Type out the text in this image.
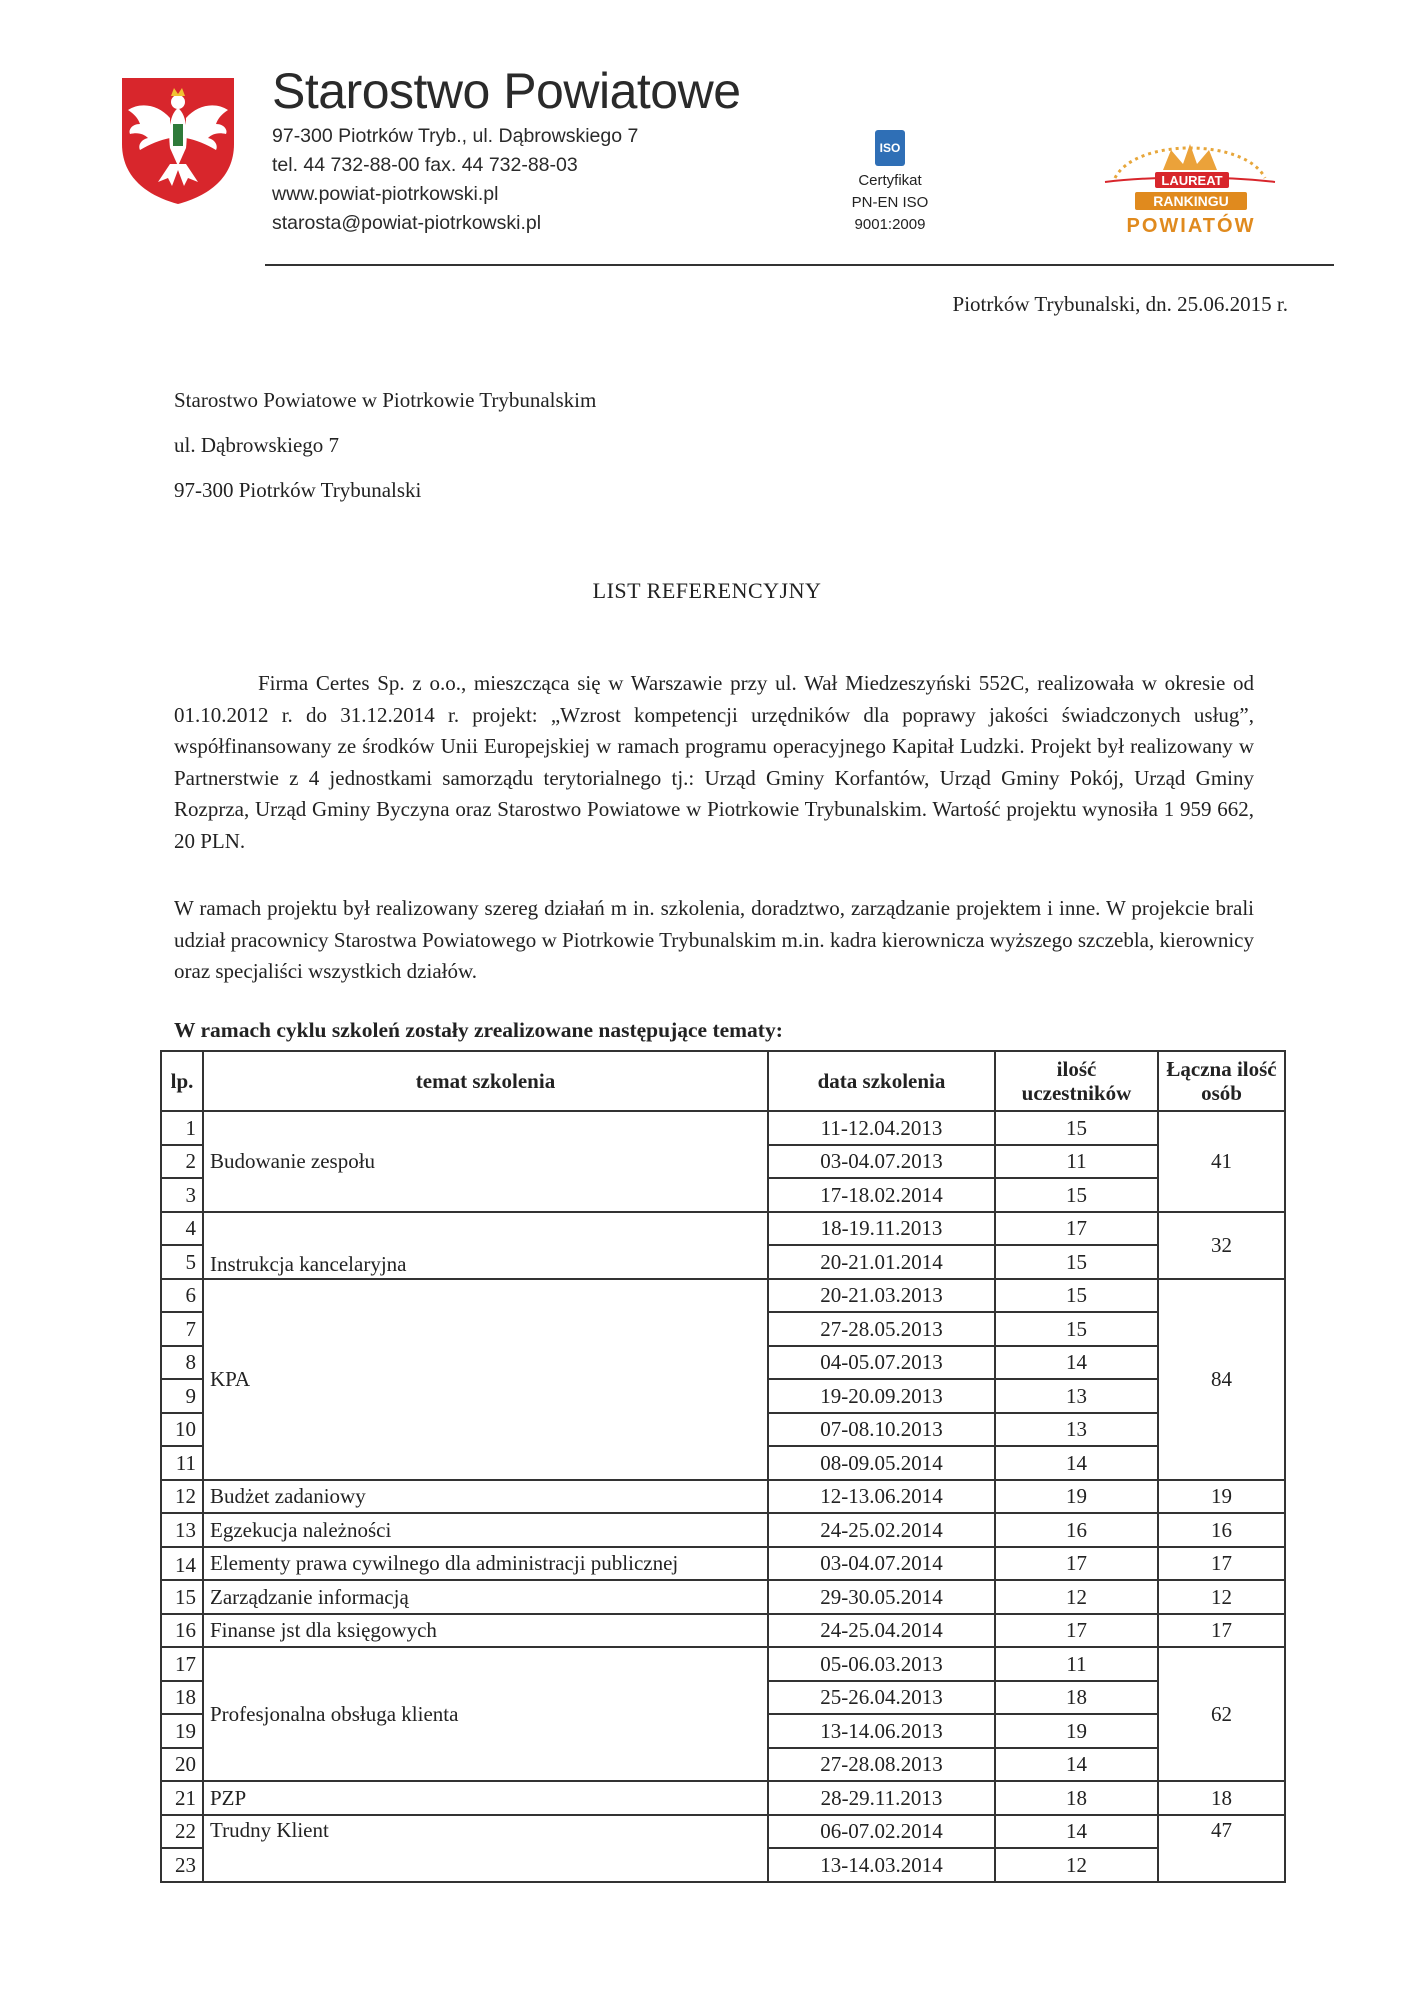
Starostwo Powiatowe
97-300 Piotrków Tryb., ul. Dąbrowskiego 7
tel. 44 732-88-00 fax. 44 732-88-03
www.powiat-piotrkowski.pl
starosta@powiat-piotrkowski.pl
ISO
Certyfikat
PN-EN ISO
9001:2009
LAUREAT
RANKINGU
POWIATÓW
Piotrków Trybunalski, dn. 25.06.2015 r.
Starostwo Powiatowe w Piotrkowie Trybunalskim
ul. Dąbrowskiego 7
97-300 Piotrków Trybunalski
LIST REFERENCYJNY
Firma Certes Sp. z o.o., mieszcząca się w Warszawie przy ul. Wał Miedzeszyński 552C, realizowała w okresie od 01.10.2012 r. do 31.12.2014 r. projekt: „Wzrost kompetencji urzędników dla poprawy jakości świadczonych usług”, współfinansowany ze środków Unii Europejskiej w ramach programu operacyjnego Kapitał Ludzki. Projekt był realizowany w Partnerstwie z 4 jednostkami samorządu terytorialnego tj.: Urząd Gminy Korfantów, Urząd Gminy Pokój, Urząd Gminy Rozprza, Urząd Gminy Byczyna oraz Starostwo Powiatowe w Piotrkowie Trybunalskim. Wartość projektu wynosiła 1 959 662, 20 PLN.
W ramach projektu był realizowany szereg działań m in. szkolenia, doradztwo, zarządzanie projektem i inne. W projekcie brali udział pracownicy Starostwa Powiatowego w Piotrkowie Trybunalskim m.in. kadra kierownicza wyższego szczebla, kierownicy oraz specjaliści wszystkich działów.
W ramach cyklu szkoleń zostały zrealizowane następujące tematy:
lp.	temat szkolenia	data szkolenia	ilość uczestników	Łączna ilość osób
1	Budowanie zespołu	11-12.04.2013	15	41
2		03-04.07.2013	11	
3		17-18.02.2014	15	
4	Instrukcja kancelaryjna	18-19.11.2013	17	32
5		20-21.01.2014	15	
6	KPA	20-21.03.2013	15	84
7		27-28.05.2013	15	
8		04-05.07.2013	14	
9		19-20.09.2013	13	
10		07-08.10.2013	13	
11		08-09.05.2014	14	
12	Budżet zadaniowy	12-13.06.2014	19	19
13	Egzekucja należności	24-25.02.2014	16	16
14	Elementy prawa cywilnego dla administracji publicznej	03-04.07.2014	17	17
15	Zarządzanie informacją	29-30.05.2014	12	12
16	Finanse jst dla księgowych	24-25.04.2014	17	17
17	Profesjonalna obsługa klienta	05-06.03.2013	11	62
18		25-26.04.2013	18	
19		13-14.06.2013	19	
20		27-28.08.2013	14	
21	PZP	28-29.11.2013	18	18
22	Trudny Klient	06-07.02.2014	14	47
23		13-14.03.2014	12	
